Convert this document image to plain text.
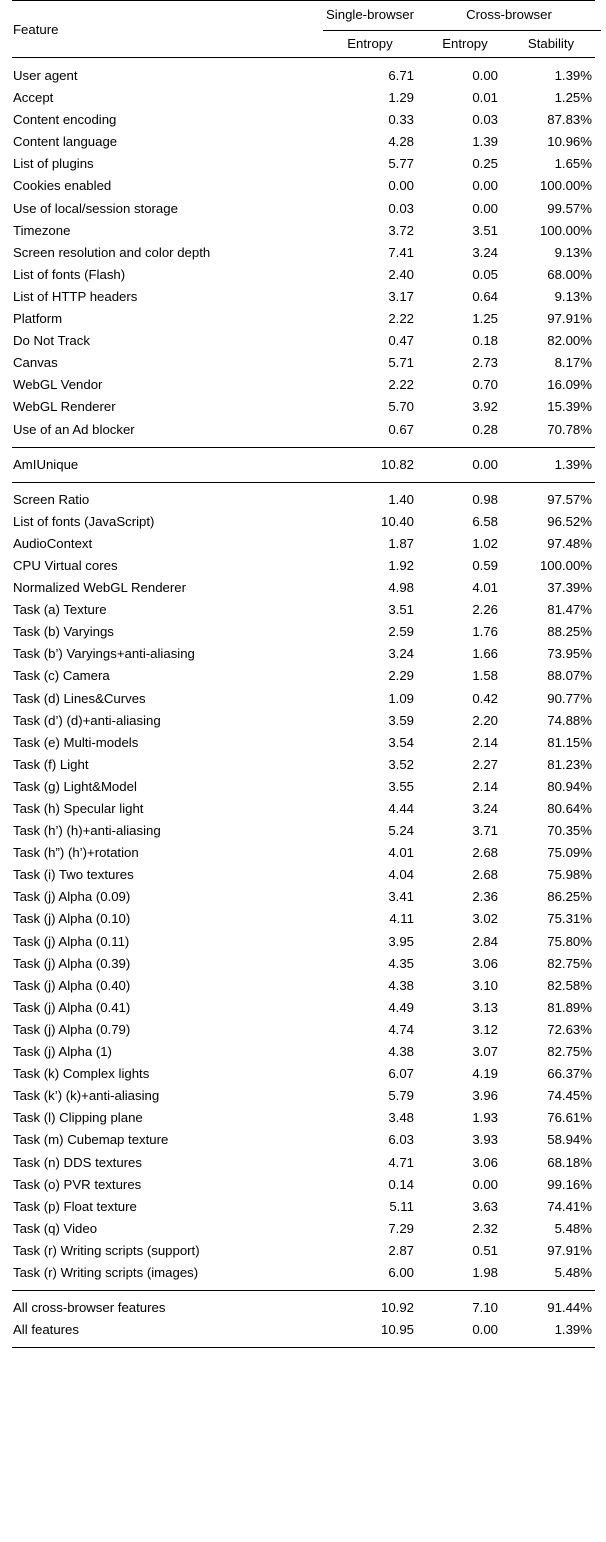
Feature	Single-browser	Cross-browser	

	Entropy	Entropy	Stability

User agent	6.71	0.00	1.39%
Accept	1.29	0.01	1.25%
Content encoding	0.33	0.03	87.83%
Content language	4.28	1.39	10.96%
List of plugins	5.77	0.25	1.65%
Cookies enabled	0.00	0.00	100.00%
Use of local/session storage	0.03	0.00	99.57%
Timezone	3.72	3.51	100.00%
Screen resolution and color depth	7.41	3.24	9.13%
List of fonts (Flash)	2.40	0.05	68.00%
List of HTTP headers	3.17	0.64	9.13%
Platform	2.22	1.25	97.91%
Do Not Track	0.47	0.18	82.00%
Canvas	5.71	2.73	8.17%
WebGL Vendor	2.22	0.70	16.09%
WebGL Renderer	5.70	3.92	15.39%
Use of an Ad blocker	0.67	0.28	70.78%

AmIUnique	10.82	0.00	1.39%

Screen Ratio	1.40	0.98	97.57%
List of fonts (JavaScript)	10.40	6.58	96.52%
AudioContext	1.87	1.02	97.48%
CPU Virtual cores	1.92	0.59	100.00%
Normalized WebGL Renderer	4.98	4.01	37.39%
Task (a) Texture	3.51	2.26	81.47%
Task (b) Varyings	2.59	1.76	88.25%
Task (b’) Varyings+anti-aliasing	3.24	1.66	73.95%
Task (c) Camera	2.29	1.58	88.07%
Task (d) Lines&Curves	1.09	0.42	90.77%
Task (d’) (d)+anti-aliasing	3.59	2.20	74.88%
Task (e) Multi-models	3.54	2.14	81.15%
Task (f) Light	3.52	2.27	81.23%
Task (g) Light&Model	3.55	2.14	80.94%
Task (h) Specular light	4.44	3.24	80.64%
Task (h’) (h)+anti-aliasing	5.24	3.71	70.35%
Task (h”) (h’)+rotation	4.01	2.68	75.09%
Task (i) Two textures	4.04	2.68	75.98%
Task (j) Alpha (0.09)	3.41	2.36	86.25%
Task (j) Alpha (0.10)	4.11	3.02	75.31%
Task (j) Alpha (0.11)	3.95	2.84	75.80%
Task (j) Alpha (0.39)	4.35	3.06	82.75%
Task (j) Alpha (0.40)	4.38	3.10	82.58%
Task (j) Alpha (0.41)	4.49	3.13	81.89%
Task (j) Alpha (0.79)	4.74	3.12	72.63%
Task (j) Alpha (1)	4.38	3.07	82.75%
Task (k) Complex lights	6.07	4.19	66.37%
Task (k’) (k)+anti-aliasing	5.79	3.96	74.45%
Task (l) Clipping plane	3.48	1.93	76.61%
Task (m) Cubemap texture	6.03	3.93	58.94%
Task (n) DDS textures	4.71	3.06	68.18%
Task (o) PVR textures	0.14	0.00	99.16%
Task (p) Float texture	5.11	3.63	74.41%
Task (q) Video	7.29	2.32	5.48%
Task (r) Writing scripts (support)	2.87	0.51	97.91%
Task (r) Writing scripts (images)	6.00	1.98	5.48%

All cross-browser features	10.92	7.10	91.44%
All features	10.95	0.00	1.39%
